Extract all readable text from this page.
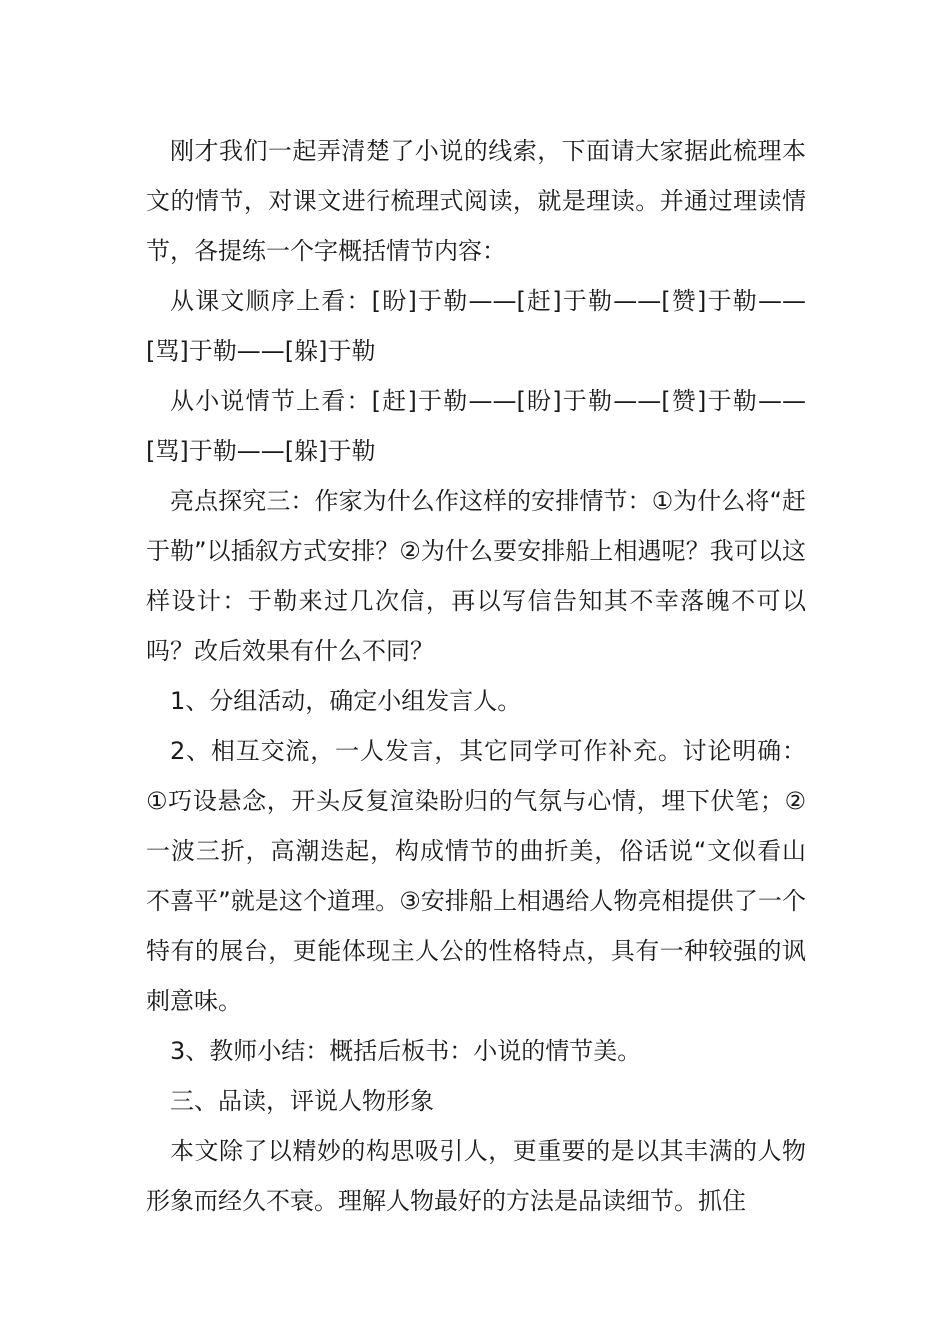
刚才我们一起弄清楚了小说的线索，下面请大家据此梳理本文的情节，对课文进行梳理式阅读，就是理读。并通过理读情节，各提练一个字概括情节内容：

从课文顺序上看：[盼]于勒——[赶]于勒——[赞]于勒——[骂]于勒——[躲]于勒

从小说情节上看：[赶]于勒——[盼]于勒——[赞]于勒——[骂]于勒——[躲]于勒

亮点探究三：作家为什么作这样的安排情节：①为什么将“赶于勒”以插叙方式安排？②为什么要安排船上相遇呢？我可以这样设计：于勒来过几次信，再以写信告知其不幸落魄不可以吗？改后效果有什么不同？

1、分组活动，确定小组发言人。

2、相互交流，一人发言，其它同学可作补充。讨论明确：①巧设悬念，开头反复渲染盼归的气氛与心情，埋下伏笔；②一波三折，高潮迭起，构成情节的曲折美，俗话说“文似看山不喜平”就是这个道理。③安排船上相遇给人物亮相提供了一个特有的展台，更能体现主人公的性格特点，具有一种较强的讽刺意味。

3、教师小结：概括后板书：小说的情节美。

三、品读，评说人物形象

本文除了以精妙的构思吸引人，更重要的是以其丰满的人物形象而经久不衰。理解人物最好的方法是品读细节。抓住
